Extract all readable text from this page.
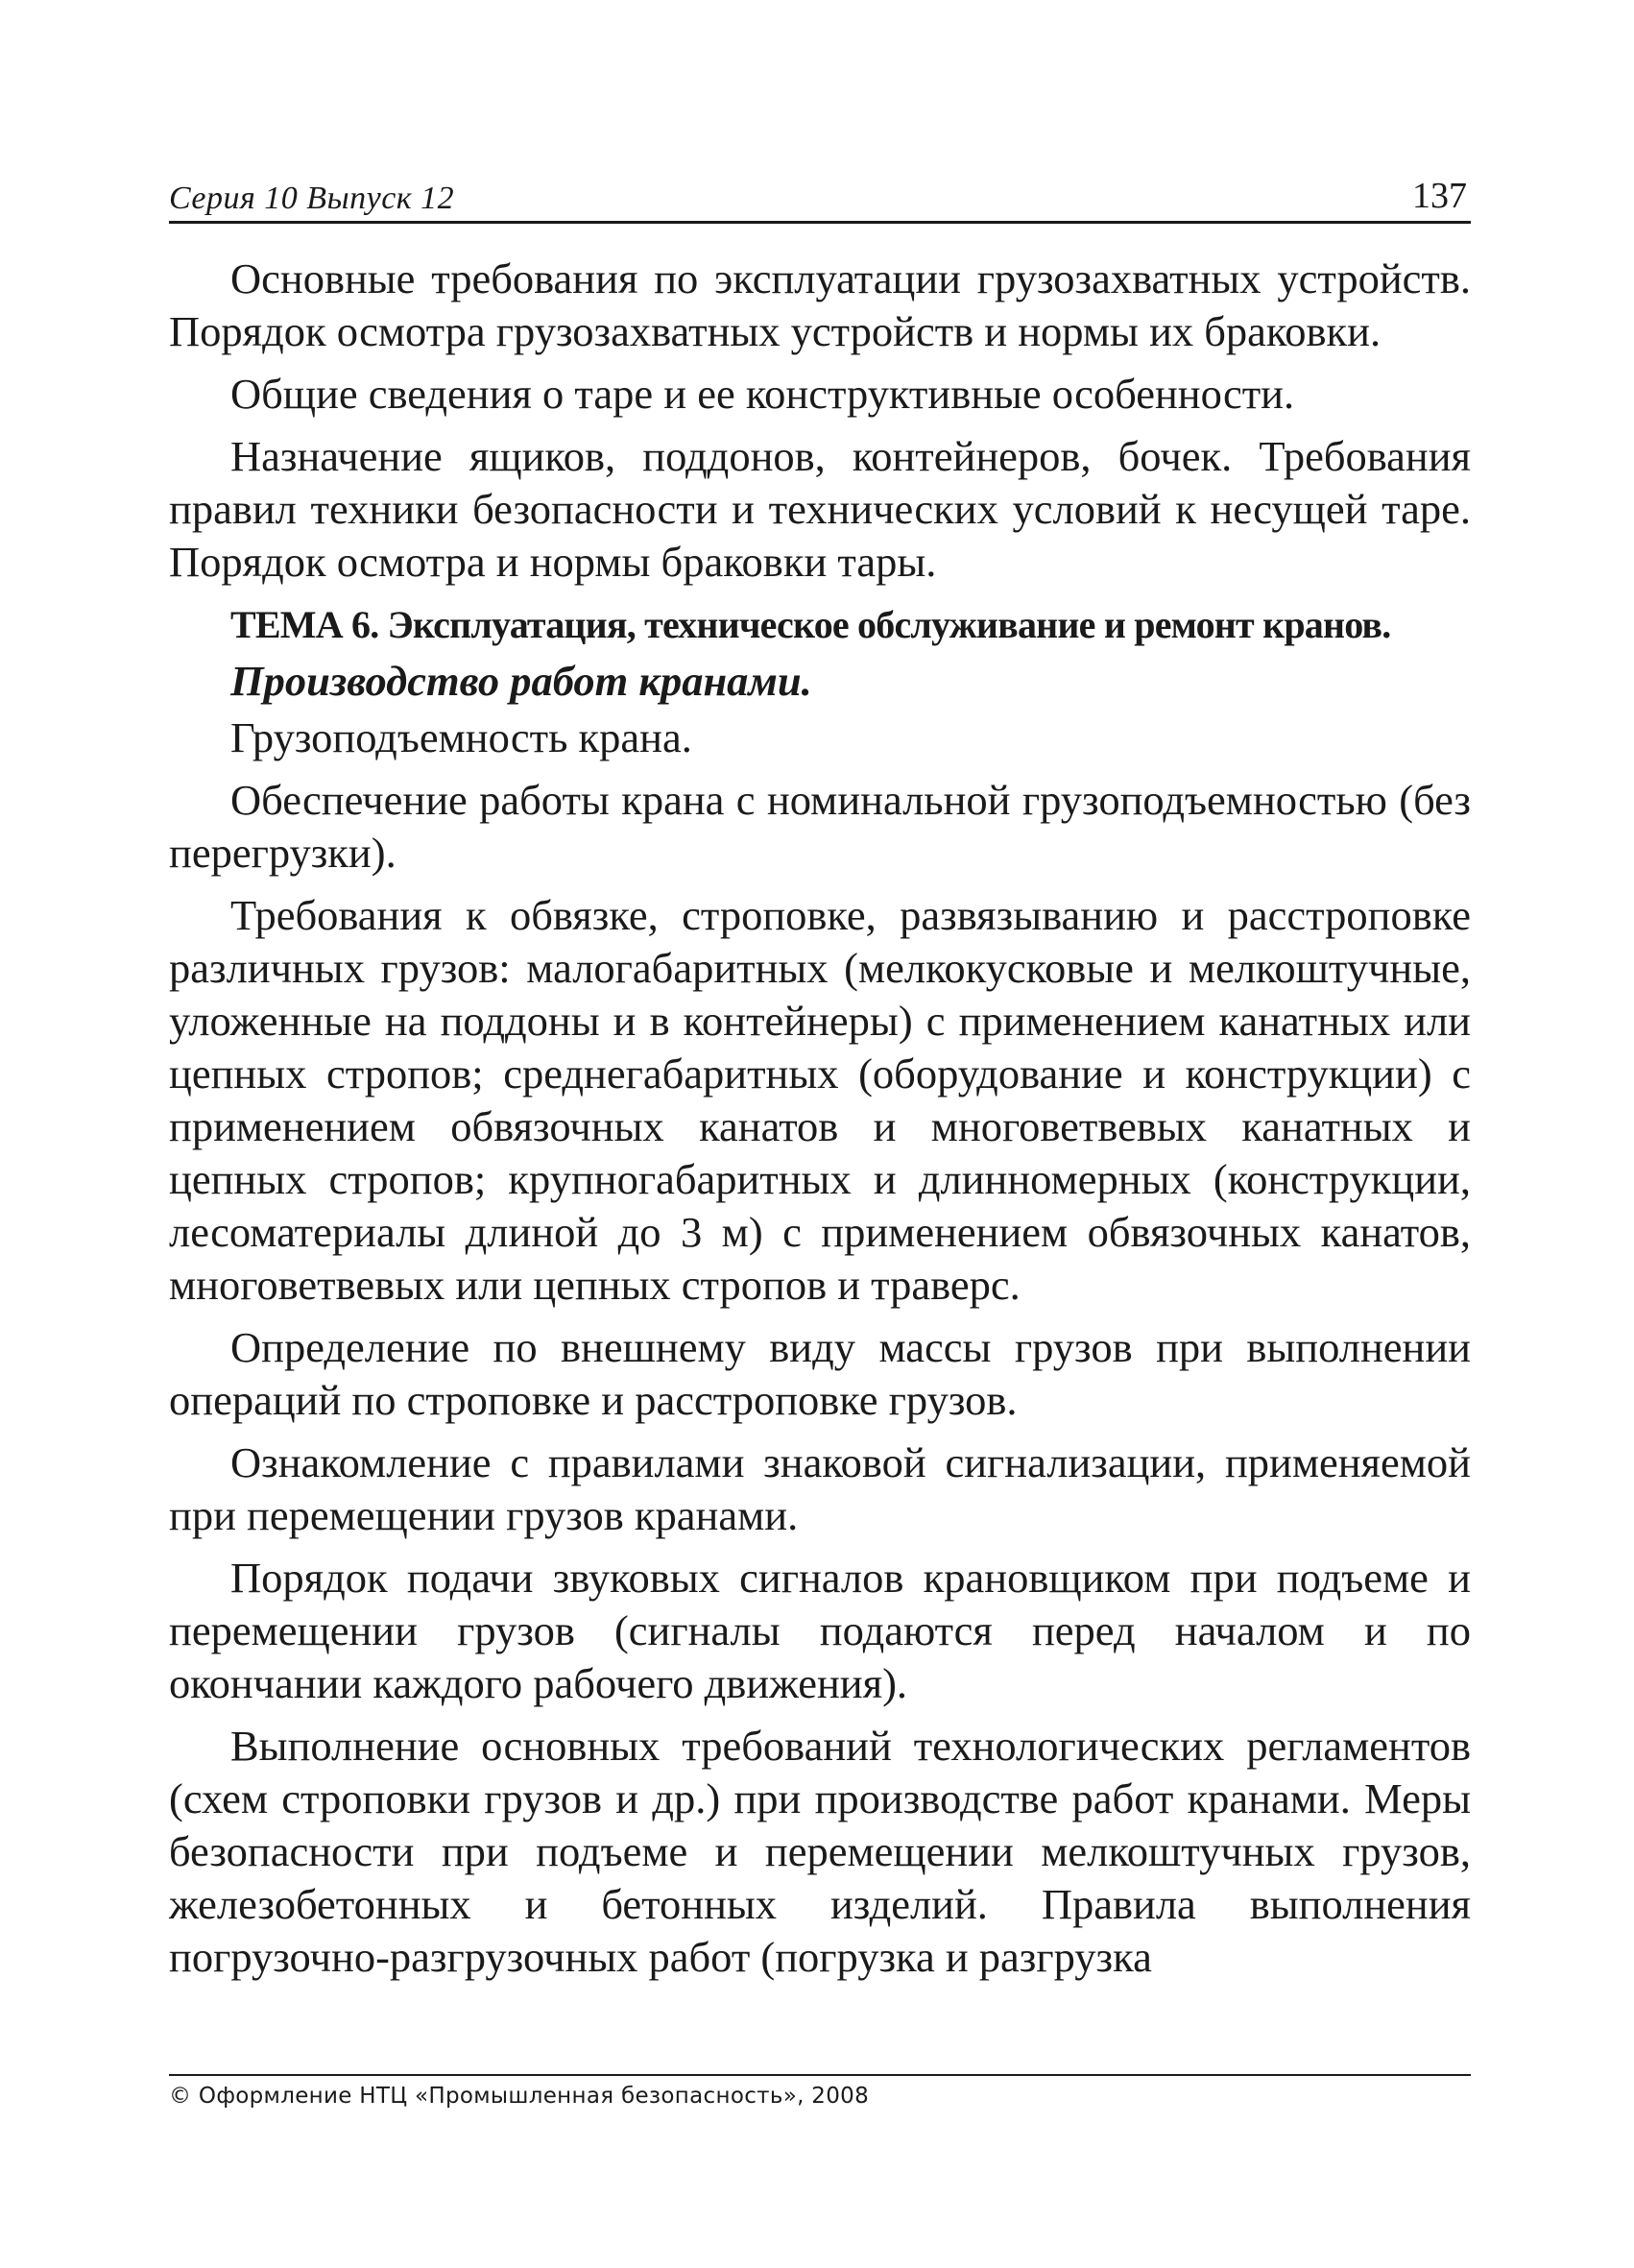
Серия 10 Выпуск 12	137

Основные требования по эксплуатации грузозахватных устройств. Порядок осмотра грузозахватных устройств и нормы их браковки.

Общие сведения о таре и ее конструктивные особенности.

Назначение ящиков, поддонов, контейнеров, бочек. Требования правил техники безопасности и технических условий к несущей таре. Порядок осмотра и нормы браковки тары.

ТЕМА 6. Эксплуатация, техническое обслуживание и ремонт кранов.

Производство работ кранами.

Грузоподъемность крана.

Обеспечение работы крана с номинальной грузоподъемностью (без перегрузки).

Требования к обвязке, строповке, развязыванию и расстроповке различных грузов: малогабаритных (мелкокусковые и мелкоштучные, уложенные на поддоны и в контейнеры) с применением канатных или цепных стропов; среднегабаритных (оборудование и конструкции) с применением обвязочных канатов и многоветвевых канатных и цепных стропов; крупногабаритных и длинномерных (конструкции, лесоматериалы длиной до 3 м) с применением обвязочных канатов, многоветвевых или цепных стропов и траверс.

Определение по внешнему виду массы грузов при выполнении операций по строповке и расстроповке грузов.

Ознакомление с правилами знаковой сигнализации, применяемой при перемещении грузов кранами.

Порядок подачи звуковых сигналов крановщиком при подъеме и перемещении грузов (сигналы подаются перед началом и по окончании каждого рабочего движения).

Выполнение основных требований технологических регламентов (схем строповки грузов и др.) при производстве работ кранами. Меры безопасности при подъеме и перемещении мелкоштучных грузов, железобетонных и бетонных изделий. Правила выполнения погрузочно-разгрузочных работ (погрузка и разгрузка

© Оформление НТЦ «Промышленная безопасность», 2008
